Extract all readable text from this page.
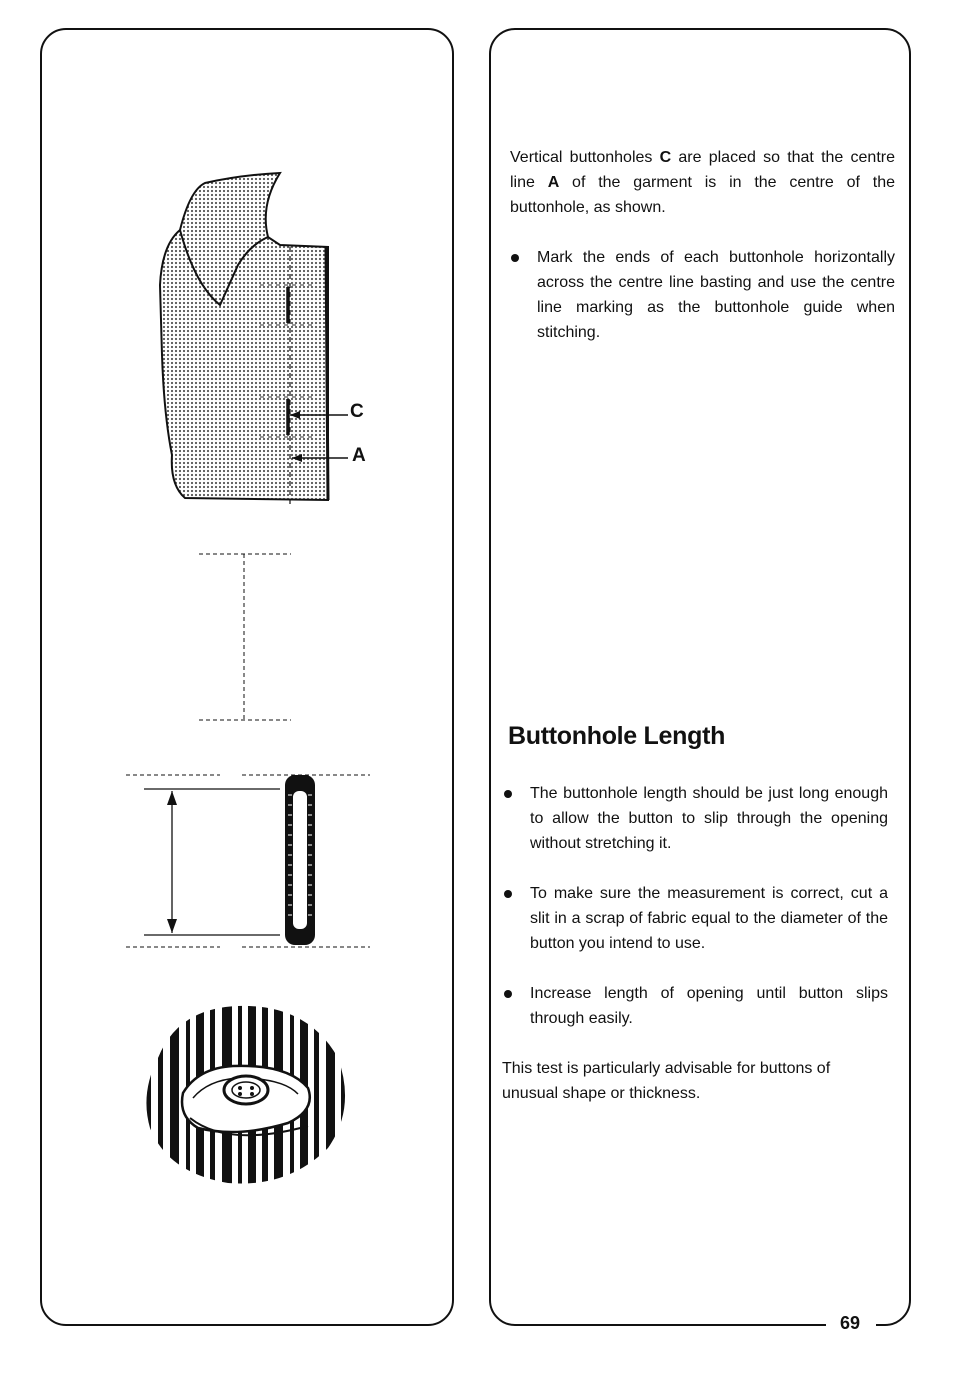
C
A

Vertical buttonholes C are placed so that the centre line A of the garment is in the centre of the buttonhole, as shown.

Mark the ends of each buttonhole horizontally across the centre line basting and use the centre line marking as the buttonhole guide when stitching.

Buttonhole Length

The buttonhole length should be just long enough to allow the button to slip through the opening without stretching it.

To make sure the measurement is correct, cut a slit in a scrap of fabric equal to the diameter of the button you intend to use.

Increase length of opening until button slips through easily.

This test is particularly advisable for buttons of unusual shape or thickness.

69
